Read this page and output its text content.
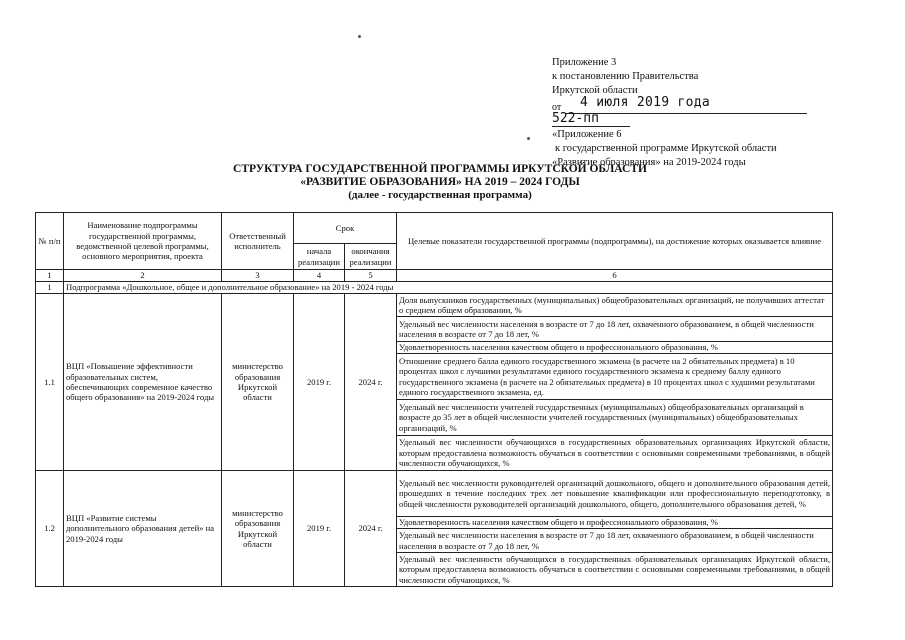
Приложение 3
к постановлению Правительства
Иркутской области
от 4 июля 2019 года
522-пп
«Приложение 6
к государственной программе Иркутской области
«Развитие образования» на 2019-2024 годы
СТРУКТУРА ГОСУДАРСТВЕННОЙ ПРОГРАММЫ ИРКУТСКОЙ ОБЛАСТИ
«РАЗВИТИЕ ОБРАЗОВАНИЯ» НА 2019 – 2024 ГОДЫ
(далее - государственная программа)
№ п/п	Наименование подпрограммы государственной программы, ведомственной целевой программы, основного мероприятия, проекта	Ответственный исполнитель	Срок		Целевые показатели государственной программы (подпрограммы), на достижение которых оказывается влияние
			начала реализации	окончания реализации	
1	2	3	4	5	6
1	Подпрограмма «Дошкольное, общее и дополнительное образование» на 2019 - 2024 годы				
1.1	ВЦП «Повышение эффективности образовательных систем, обеспечивающих современное качество общего образования» на 2019-2024 годы	министерство образования Иркутской области	2019 г.	2024 г.	Доля выпускников государственных (муниципальных) общеобразовательных организаций, не получивших аттестат о среднем общем образовании, %
					Удельный вес численности населения в возрасте от 7 до 18 лет, охваченного образованием, в общей численности населения в возрасте от 7 до 18 лет, %
					Удовлетворенность населения качеством общего и профессионального образования, %
					Отношение среднего балла единого государственного экзамена (в расчете на 2 обязательных предмета) в 10 процентах школ с лучшими результатами единого государственного экзамена к среднему баллу единого государственного экзамена (в расчете на 2 обязательных предмета) в 10 процентах школ с худшими результатами единого государственного экзамена, ед.
					Удельный вес численности учителей государственных (муниципальных) общеобразовательных организаций в возрасте до 35 лет в общей численности учителей государственных (муниципальных) общеобразовательных организаций, %
					Удельный вес численности обучающихся в государственных образовательных организациях Иркутской области, которым предоставлена возможность обучаться в соответствии с основными современными требованиями, в общей численности обучающихся, %
1.2	ВЦП «Развитие системы дополнительного образования детей» на 2019-2024 годы	министерство образования Иркутской области	2019 г.	2024 г.	Удельный вес численности руководителей организаций дошкольного, общего и дополнительного образования детей, прошедших в течение последних трех лет повышение квалификации или профессиональную переподготовку, в общей численности руководителей организаций дошкольного, общего, дополнительного образования детей, %
					Удовлетворенность населения качеством общего и профессионального образования, %
					Удельный вес численности населения в возрасте от 7 до 18 лет, охваченного образованием, в общей численности населения в возрасте от 7 до 18 лет, %
					Удельный вес численности обучающихся в государственных образовательных организациях Иркутской области, которым предоставлена возможность обучаться в соответствии с основными современными требованиями, в общей численности обучающихся, %
